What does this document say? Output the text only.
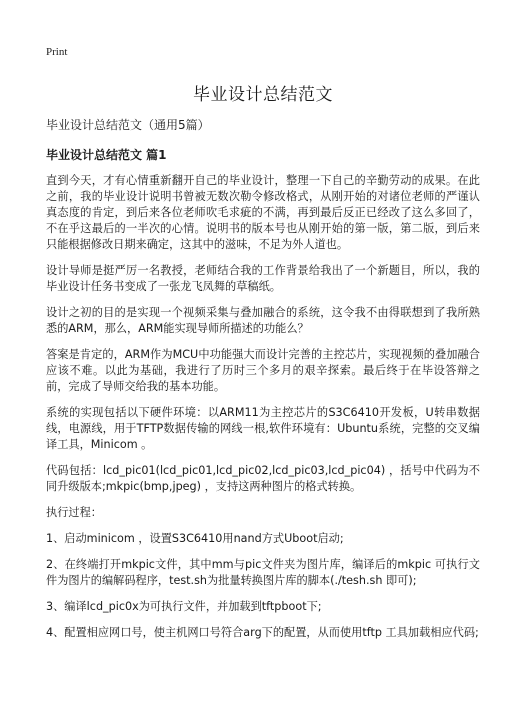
Print
毕业设计总结范文

毕业设计总结范文（通用5篇）

毕业设计总结范文 篇1

直到今天，才有心情重新翻开自己的毕业设计，整理一下自己的辛勤劳动的成果。在此之前，我的毕业设计说明书曾被无数次勒令修改格式，从刚开始的对诸位老师的严谨认真态度的肯定，到后来各位老师吹毛求疵的不满，再到最后反正已经改了这么多回了，不在乎这最后的一半次的心情。说明书的版本号也从刚开始的第一版，第二版，到后来只能根据修改日期来确定，这其中的滋味，不足为外人道也。

设计导师是挺严厉一名教授，老师结合我的工作背景给我出了一个新题目，所以，我的毕业设计任务书变成了一张龙飞凤舞的草稿纸。

设计之初的目的是实现一个视频采集与叠加融合的系统，这令我不由得联想到了我所熟悉的ARM，那么，ARM能实现导师所描述的功能么？

答案是肯定的，ARM作为MCU中功能强大而设计完善的主控芯片，实现视频的叠加融合应该不难。以此为基础，我进行了历时三个多月的艰辛探索。最后终于在毕设答辩之前，完成了导师交给我的基本功能。

系统的实现包括以下硬件环境：以ARM11为主控芯片的S3C6410开发板，U转串数据线，电源线，用于TFTP数据传输的网线一根,软件环境有：Ubuntu系统，完整的交叉编译工具，Minicom 。

代码包括：lcd_pic01(lcd_pic01,lcd_pic02,lcd_pic03,lcd_pic04) ，括号中代码为不同升级版本;mkpic(bmp,jpeg) ，支持这两种图片的格式转换。

执行过程：

1、启动minicom ，设置S3C6410用nand方式Uboot启动;

2、在终端打开mkpic文件，其中mm与pic文件夹为图片库，编译后的mkpic 可执行文件为图片的编解码程序，test.sh为批量转换图片库的脚本(./tesh.sh 即可);

3、编译lcd_pic0x为可执行文件，并加载到tftpboot下;

4、配置相应网口号，使主机网口号符合arg下的配置，从而使用tftp 工具加载相应代码;
